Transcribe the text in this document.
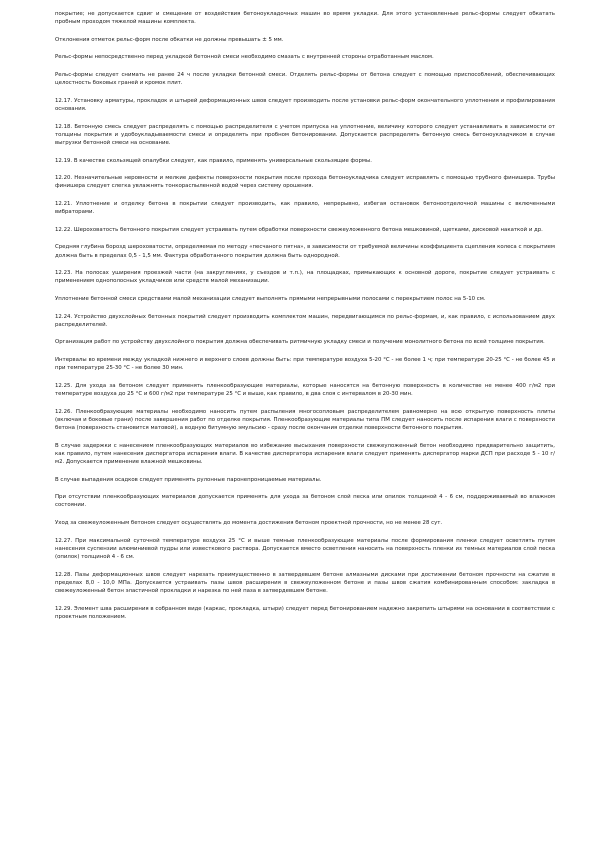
покрытие; не допускается сдвиг и смещение от воздействия бетоноукладочных машин во время укладки. Для этого установленные рельс-формы следует обкатать пробным проходом тяжелой машины комплекта.

Отклонения отметок рельс-форм после обкатки не должны превышать ± 5 мм.

Рельс-формы непосредственно перед укладкой бетонной смеси необходимо смазать с внутренней стороны отработанным маслом.

Рельс-формы следует снимать не ранее 24 ч после укладки бетонной смеси. Отделять рельс-формы от бетона следует с помощью приспособлений, обеспечивающих целостность боковых граней и кромок плит.

12.17. Установку арматуры, прокладок и штырей деформационных швов следует производить после установки рельс-форм окончательного уплотнения и профилирования основания.

12.18. Бетонную смесь следует распределять с помощью распределителя с учетом припуска на уплотнение, величину которого следует устанавливать в зависимости от толщины покрытия и удобоукладываемости смеси и определять при пробном бетонировании. Допускается распределять бетонную смесь бетоноукладчиком в случае выгрузки бетонной смеси на основание.

12.19. В качестве скользящей опалубки следует, как правило, применять универсальные скользящие формы.

12.20. Незначительные неровности и мелкие дефекты поверхности покрытия после прохода бетоноукладчика следует исправлять с помощью трубного финишера. Трубы финишера следует слегка увлажнять тонкораспыленной водой через систему орошения.

12.21. Уплотнение и отделку бетона в покрытии следует производить, как правило, непрерывно, избегая остановок бетоноотделочной машины с включенными вибраторами.

12.22. Шероховатость бетонного покрытия следует устраивать путем обработки поверхности свежеуложенного бетона мешковиной, щетками, дисковой накаткой и др.

Средняя глубина борозд шероховатости, определяемая по методу «песчаного пятна», в зависимости от требуемой величины коэффициента сцепления колеса с покрытием должна быть в пределах 0,5 - 1,5 мм. Фактура обработанного покрытия должна быть однородной.

12.23. На полосах уширения проезжей части (на закруглениях, у съездов и т.п.), на площадках, примыкающих к основной дороге, покрытие следует устраивать с применением однополосных укладчиков или средств малой механизации.

Уплотнение бетонной смеси средствами малой механизации следует выполнять прямыми непрерывными полосами с перекрытием полос на 5-10 см.

12.24. Устройство двухслойных бетонных покрытий следует производить комплектом машин, передвигающимся по рельс-формам, и, как правило, с использованием двух распределителей.

Организация работ по устройству двухслойного покрытия должна обеспечивать ритмичную укладку смеси и получение монолитного бетона по всей толщине покрытия.

Интервалы во времени между укладкой нижнего и верхнего слоев должны быть: при температуре воздуха 5-20 °С - не более 1 ч; при температуре 20-25 °С - не более 45 и при температуре 25-30 °С - не более 30 мин.

12.25. Для ухода за бетоном следует применять пленкообразующие материалы, которые наносятся на бетонную поверхность в количестве не менее 400 г/м2 при температуре воздуха до 25 °С и 600 г/м2 при температуре 25 °С и выше, как правило, в два слоя с интервалом в 20-30 мин.

12.26. Пленкообразующие материалы необходимо наносить путем распыления многосопловым распределителем равномерно на всю открытую поверхность плиты (включая и боковые грани) после завершения работ по отделке покрытия. Пленкообразующие материалы типа ПМ следует наносить после испарения влаги с поверхности бетона (поверхность становится матовой), а водную битумную эмульсию - сразу после окончания отделки поверхности бетонного покрытия.

В случае задержки с нанесением пленкообразующих материалов во избежание высыхания поверхности свежеуложенный бетон необходимо предварительно защитить, как правило, путем нанесения диспергатора испарения влаги. В качестве диспергатора испарения влаги следует применять диспергатор марки ДСП при расходе 5 - 10 г/м2. Допускается применение влажной мешковины.

В случае выпадения осадков следует применять рулонные паронепроницаемые материалы.

При отсутствии пленкообразующих материалов допускается применять для ухода за бетоном слой песка или опилок толщиной 4 - 6 см, поддерживаемый во влажном состоянии.

Уход за свежеуложенным бетоном следует осуществлять до момента достижения бетоном проектной прочности, но не менее 28 сут.

12.27. При максимальной суточной температуре воздуха 25 °С и выше темные пленкообразующие материалы после формирования пленки следует осветлять путем нанесения суспензии алюминиевой пудры или известкового раствора. Допускается вместо осветления наносить на поверхность пленки из темных материалов слой песка (опилок) толщиной 4 - 6 см.

12.28. Пазы деформационных швов следует нарезать преимущественно в затвердевшем бетоне алмазными дисками при достижении бетоном прочности на сжатие в пределах 8,0 - 10,0 МПа. Допускается устраивать пазы швов расширения в свежеуложенном бетоне и пазы швов сжатия комбинированным способом: закладка в свежеуложенный бетон эластичной прокладки и нарезка по ней паза в затвердевшем бетоне.

12.29. Элемент шва расширения в собранном виде (каркас, прокладка, штыри) следует перед бетонированием надежно закрепить штырями на основании в соответствии с проектным положением.
